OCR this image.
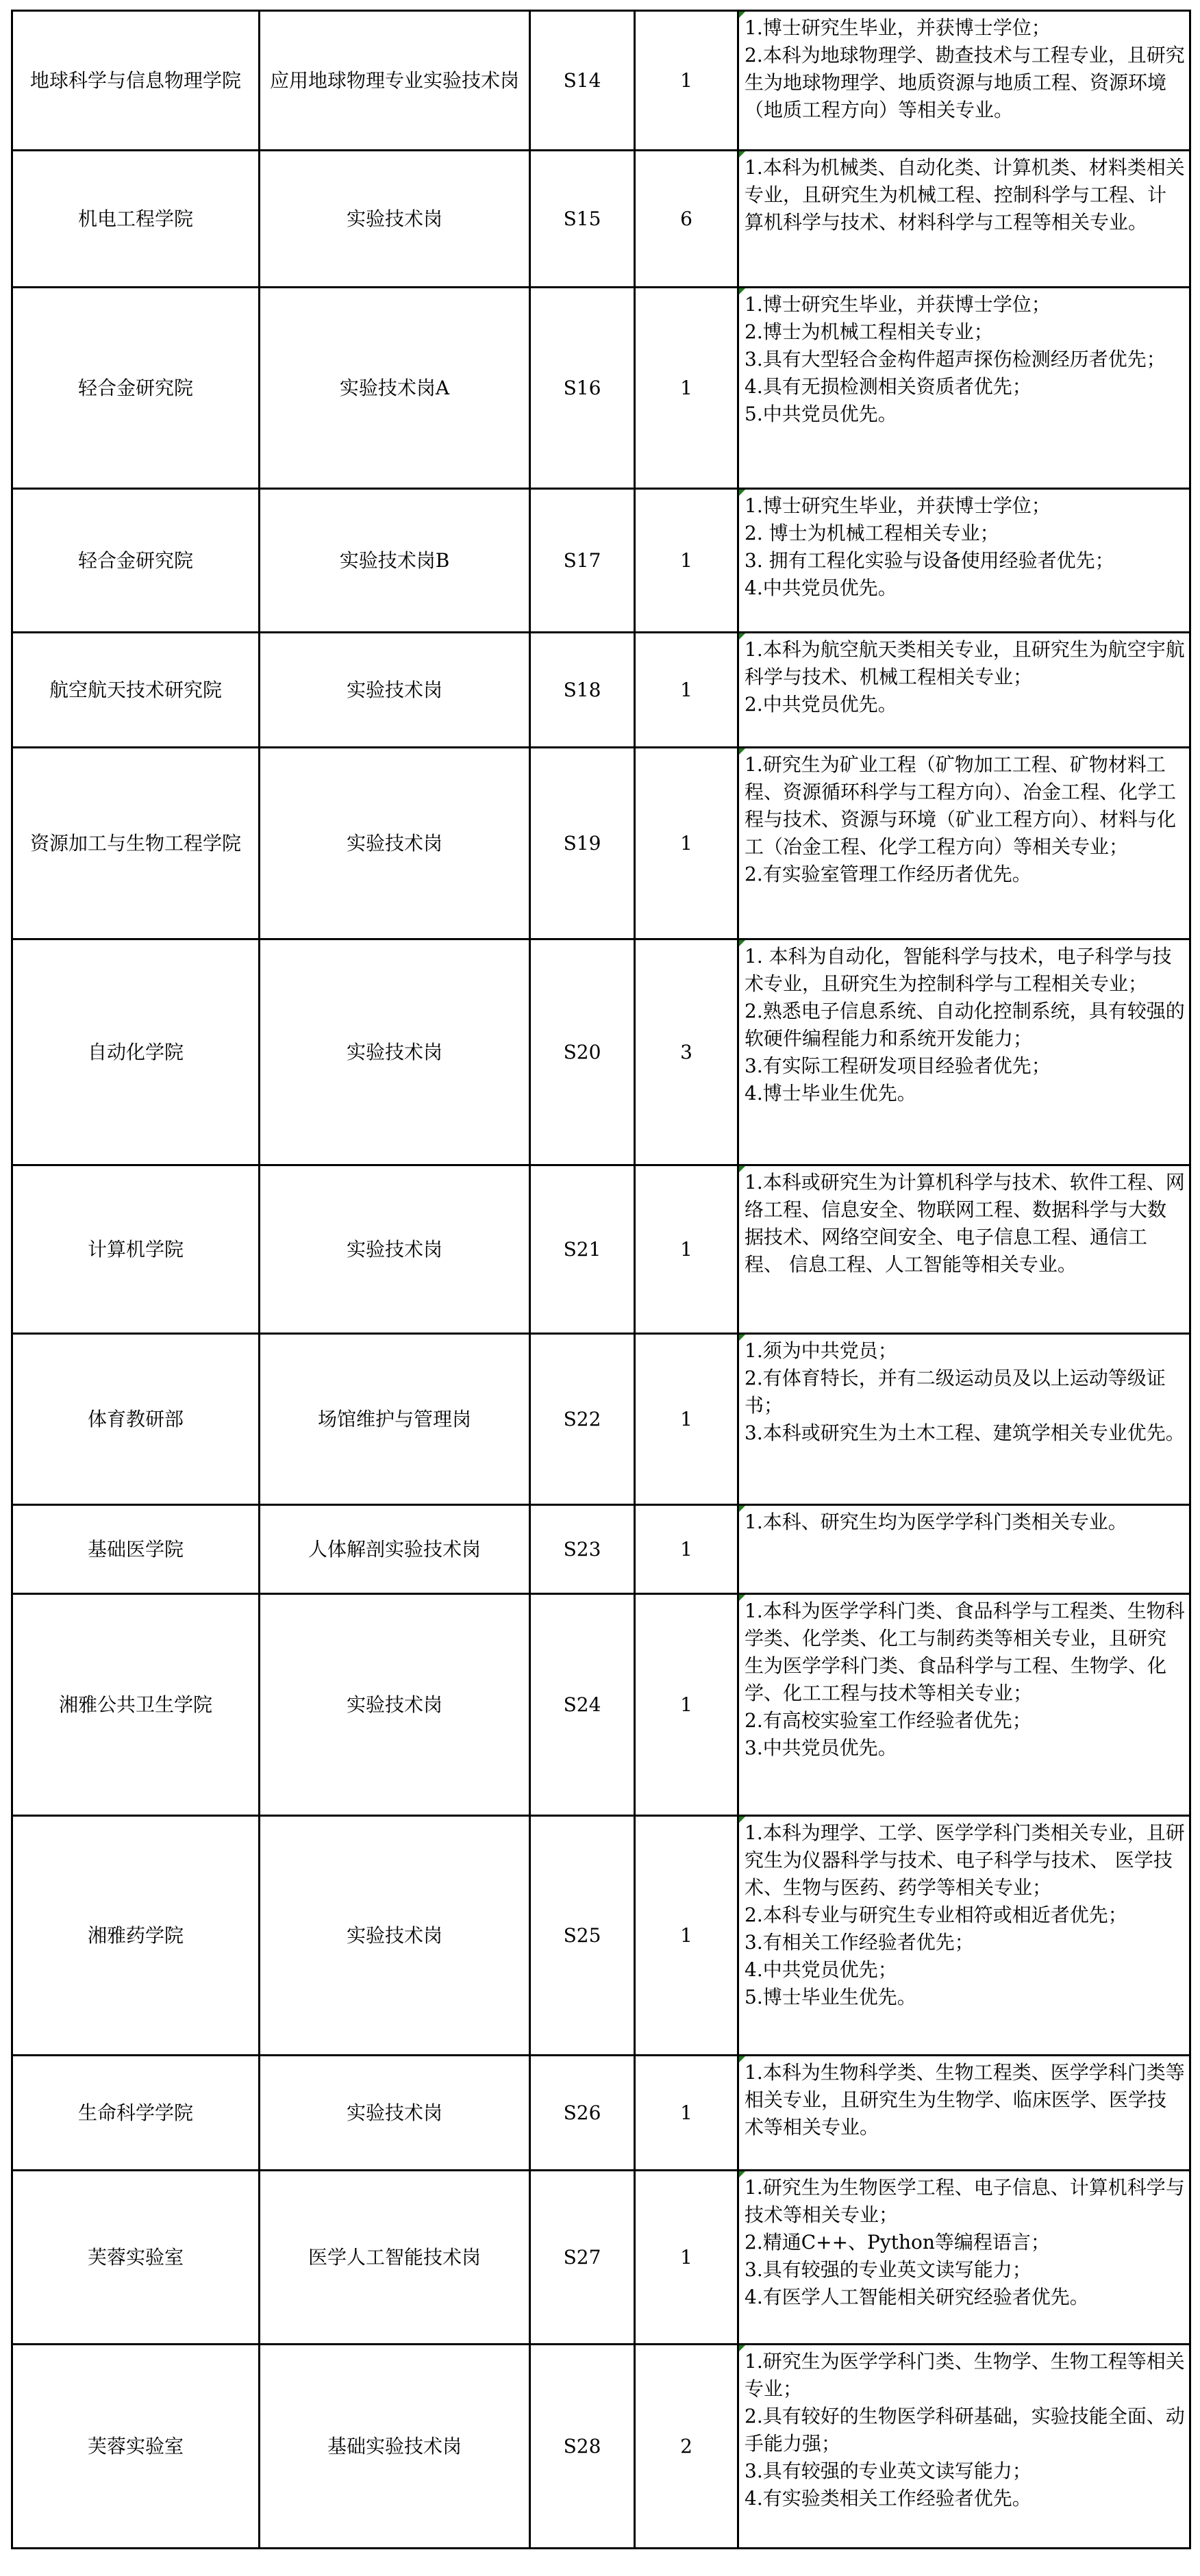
地球科学与信息物理学院	应用地球物理专业实验技术岗	S14	1	1.博士研究生毕业，并获博士学位；
2.本科为地球物理学、勘查技术与工程专业，且研究生为地球物理学、地质资源与地质工程、资源环境（地质工程方向）等相关专业。

机电工程学院	实验技术岗	S15	6	1.本科为机械类、自动化类、计算机类、材料类相关专业，且研究生为机械工程、控制科学与工程、计算机科学与技术、材料科学与工程等相关专业。

轻合金研究院	实验技术岗A	S16	1	1.博士研究生毕业，并获博士学位；
2.博士为机械工程相关专业；
3.具有大型轻合金构件超声探伤检测经历者优先；
4.具有无损检测相关资质者优先；
5.中共党员优先。

轻合金研究院	实验技术岗B	S17	1	1.博士研究生毕业，并获博士学位；
2. 博士为机械工程相关专业；
3. 拥有工程化实验与设备使用经验者优先；
4.中共党员优先。

航空航天技术研究院	实验技术岗	S18	1	1.本科为航空航天类相关专业，且研究生为航空宇航科学与技术、机械工程相关专业；
2.中共党员优先。

资源加工与生物工程学院	实验技术岗	S19	1	1.研究生为矿业工程（矿物加工工程、矿物材料工程、资源循环科学与工程方向）、冶金工程、化学工程与技术、资源与环境（矿业工程方向）、材料与化工（冶金工程、化学工程方向）等相关专业；
2.有实验室管理工作经历者优先。

自动化学院	实验技术岗	S20	3	1. 本科为自动化，智能科学与技术，电子科学与技术专业，且研究生为控制科学与工程相关专业；
2.熟悉电子信息系统、自动化控制系统，具有较强的软硬件编程能力和系统开发能力；
3.有实际工程研发项目经验者优先；
4.博士毕业生优先。

计算机学院	实验技术岗	S21	1	1.本科或研究生为计算机科学与技术、软件工程、网络工程、信息安全、物联网工程、数据科学与大数据技术、网络空间安全、电子信息工程、通信工程、 信息工程、人工智能等相关专业。

体育教研部	场馆维护与管理岗	S22	1	1.须为中共党员；
2.有体育特长，并有二级运动员及以上运动等级证书；
3.本科或研究生为土木工程、建筑学相关专业优先。

基础医学院	人体解剖实验技术岗	S23	1	1.本科、研究生均为医学学科门类相关专业。

湘雅公共卫生学院	实验技术岗	S24	1	1.本科为医学学科门类、食品科学与工程类、生物科学类、化学类、化工与制药类等相关专业，且研究生为医学学科门类、食品科学与工程、生物学、化学、化工工程与技术等相关专业；
2.有高校实验室工作经验者优先；
3.中共党员优先。

湘雅药学院	实验技术岗	S25	1	1.本科为理学、工学、医学学科门类相关专业，且研究生为仪器科学与技术、电子科学与技术、 医学技术、生物与医药、药学等相关专业；
2.本科专业与研究生专业相符或相近者优先；
3.有相关工作经验者优先；
4.中共党员优先；
5.博士毕业生优先。

生命科学学院	实验技术岗	S26	1	1.本科为生物科学类、生物工程类、医学学科门类等相关专业，且研究生为生物学、临床医学、医学技术等相关专业。

芙蓉实验室	医学人工智能技术岗	S27	1	1.研究生为生物医学工程、电子信息、计算机科学与技术等相关专业；
2.精通C++、Python等编程语言；
3.具有较强的专业英文读写能力；
4.有医学人工智能相关研究经验者优先。

芙蓉实验室	基础实验技术岗	S28	2	1.研究生为医学学科门类、生物学、生物工程等相关专业；
2.具有较好的生物医学科研基础，实验技能全面、动手能力强；
3.具有较强的专业英文读写能力；
4.有实验类相关工作经验者优先。
